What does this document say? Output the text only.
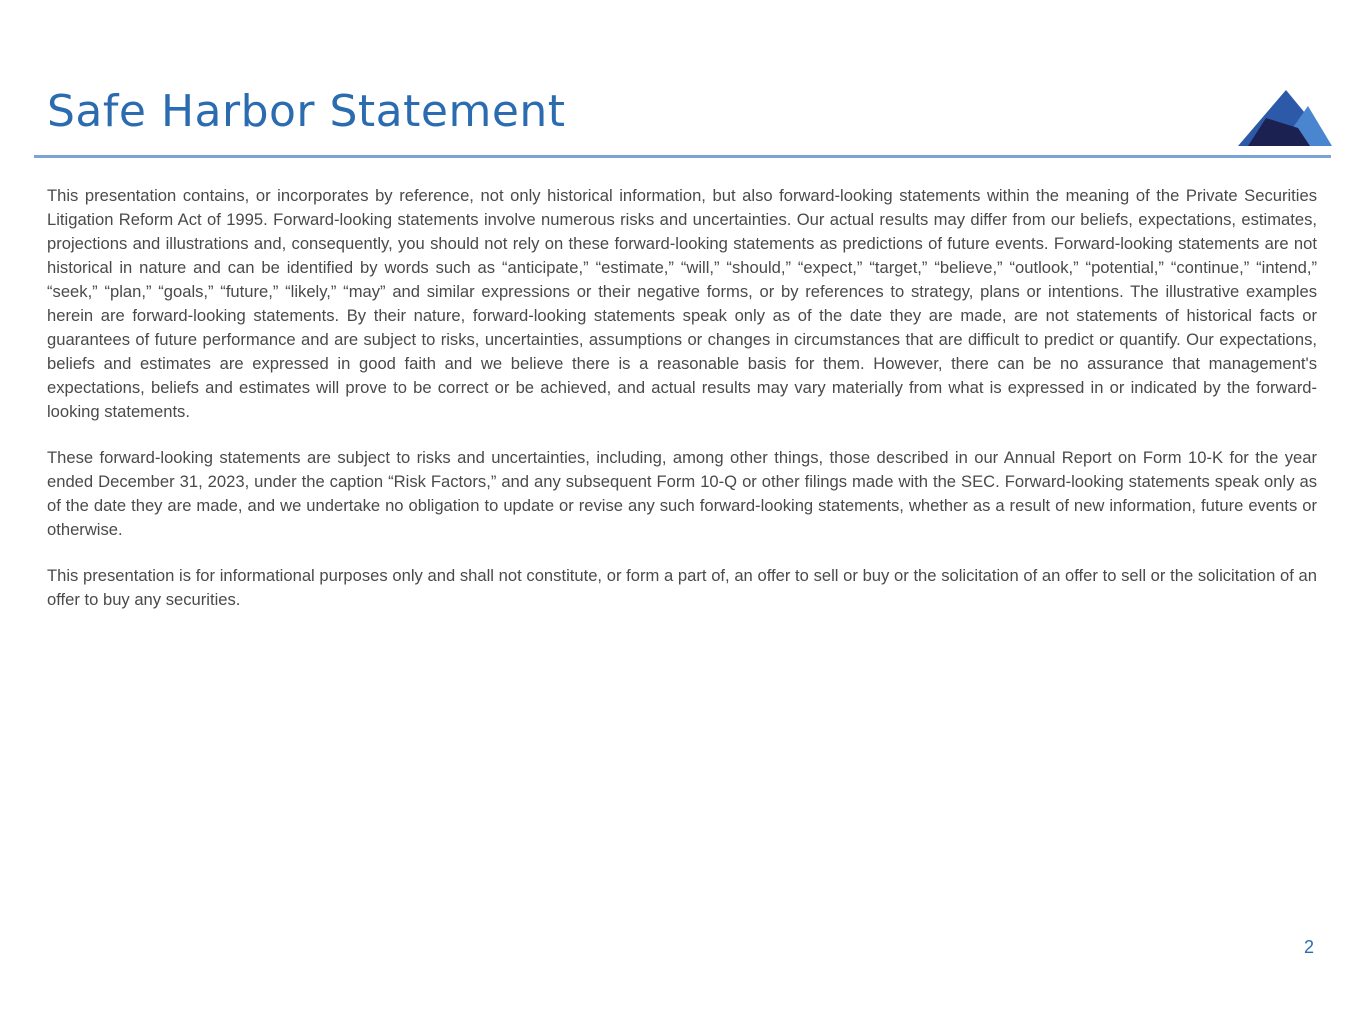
Safe Harbor Statement

This presentation contains, or incorporates by reference, not only historical information, but also forward-looking statements within the meaning of the Private Securities Litigation Reform Act of 1995. Forward-looking statements involve numerous risks and uncertainties. Our actual results may differ from our beliefs, expectations, estimates, projections and illustrations and, consequently, you should not rely on these forward-looking statements as predictions of future events. Forward-looking statements are not historical in nature and can be identified by words such as “anticipate,” “estimate,” “will,” “should,” “expect,” “target,” “believe,” “outlook,” “potential,” “continue,” “intend,” “seek,” “plan,” “goals,” “future,” “likely,” “may” and similar expressions or their negative forms, or by references to strategy, plans or intentions. The illustrative examples herein are forward-looking statements. By their nature, forward-looking statements speak only as of the date they are made, are not statements of historical facts or guarantees of future performance and are subject to risks, uncertainties, assumptions or changes in circumstances that are difficult to predict or quantify. Our expectations, beliefs and estimates are expressed in good faith and we believe there is a reasonable basis for them. However, there can be no assurance that management's expectations, beliefs and estimates will prove to be correct or be achieved, and actual results may vary materially from what is expressed in or indicated by the forward-looking statements.

These forward-looking statements are subject to risks and uncertainties, including, among other things, those described in our Annual Report on Form 10-K for the year ended December 31, 2023, under the caption “Risk Factors,” and any subsequent Form 10-Q or other filings made with the SEC. Forward-looking statements speak only as of the date they are made, and we undertake no obligation to update or revise any such forward-looking statements, whether as a result of new information, future events or otherwise.

This presentation is for informational purposes only and shall not constitute, or form a part of, an offer to sell or buy or the solicitation of an offer to sell or the solicitation of an offer to buy any securities.

2
